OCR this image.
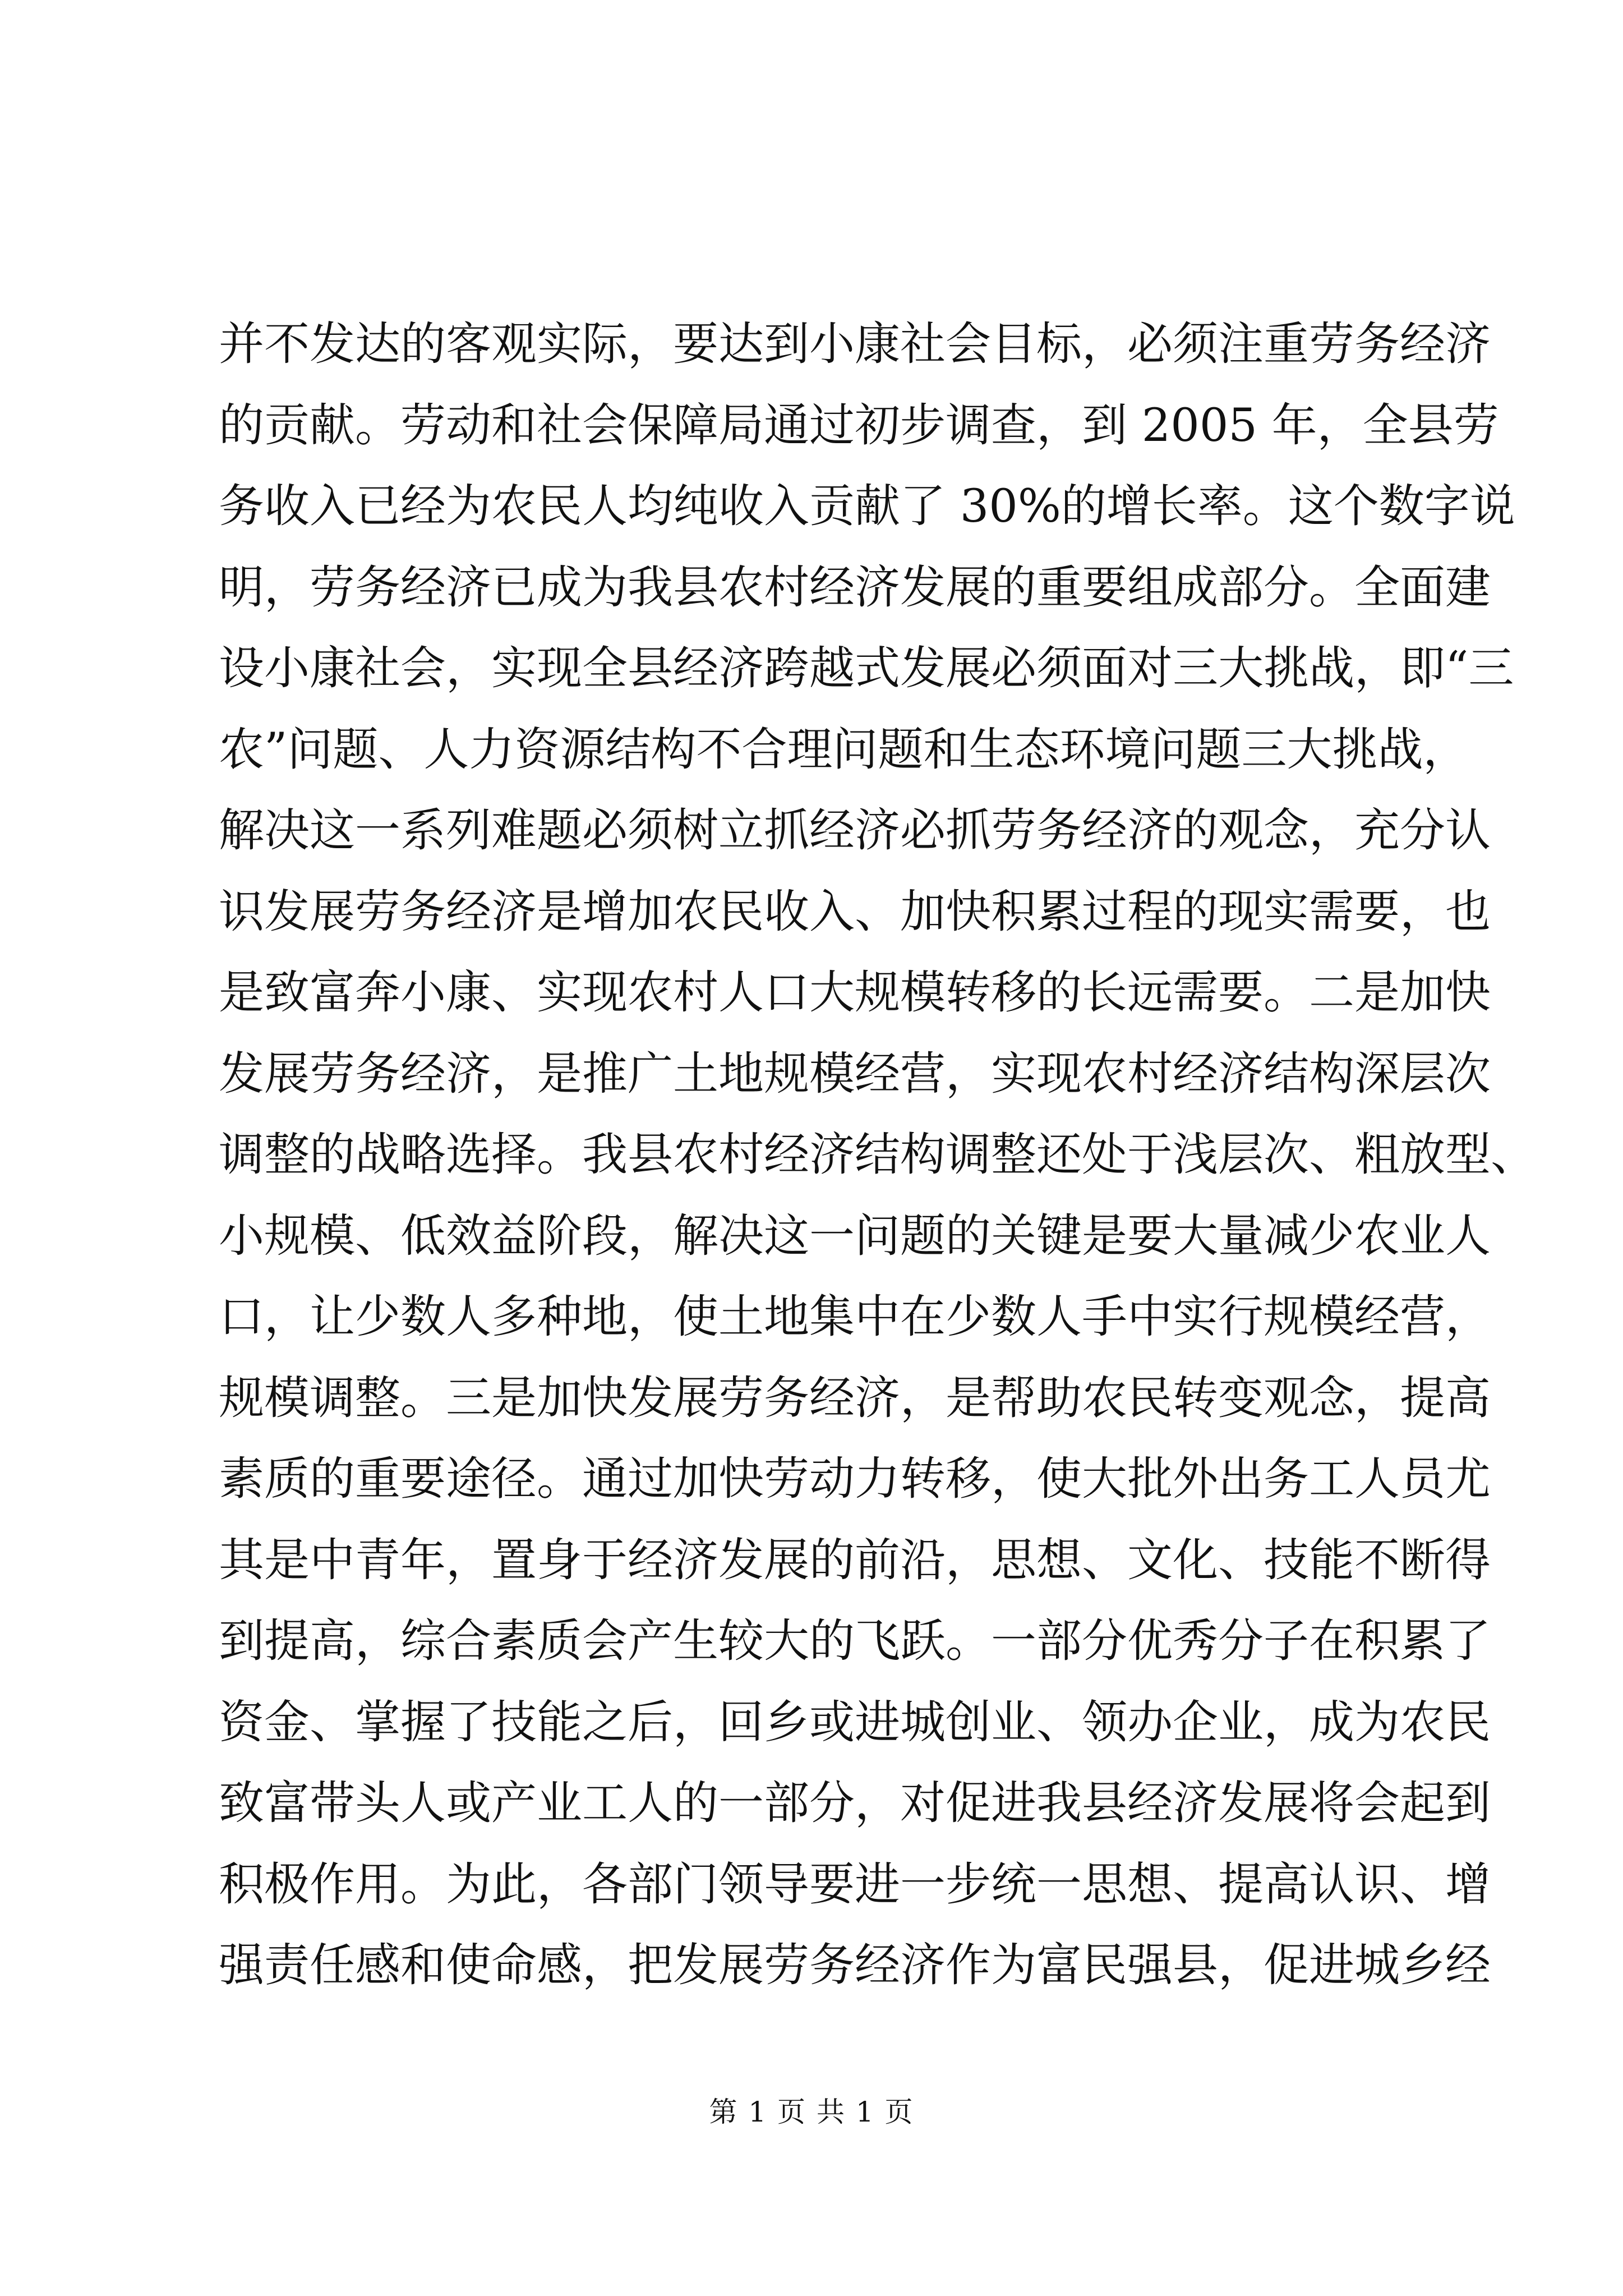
并不发达的客观实际，要达到小康社会目标，必须注重劳务经济
的贡献。劳动和社会保障局通过初步调查，到 2005 年，全县劳
务收入已经为农民人均纯收入贡献了 30%的增长率。这个数字说
明，劳务经济已成为我县农村经济发展的重要组成部分。全面建
设小康社会，实现全县经济跨越式发展必须面对三大挑战，即“三
农”问题、人力资源结构不合理问题和生态环境问题三大挑战，
解决这一系列难题必须树立抓经济必抓劳务经济的观念，充分认
识发展劳务经济是增加农民收入、加快积累过程的现实需要，也
是致富奔小康、实现农村人口大规模转移的长远需要。二是加快
发展劳务经济，是推广土地规模经营，实现农村经济结构深层次
调整的战略选择。我县农村经济结构调整还处于浅层次、粗放型、
小规模、低效益阶段，解决这一问题的关键是要大量减少农业人
口，让少数人多种地，使土地集中在少数人手中实行规模经营，
规模调整。三是加快发展劳务经济，是帮助农民转变观念，提高
素质的重要途径。通过加快劳动力转移，使大批外出务工人员尤
其是中青年，置身于经济发展的前沿，思想、文化、技能不断得
到提高，综合素质会产生较大的飞跃。一部分优秀分子在积累了
资金、掌握了技能之后，回乡或进城创业、领办企业，成为农民
致富带头人或产业工人的一部分，对促进我县经济发展将会起到
积极作用。为此，各部门领导要进一步统一思想、提高认识、增
强责任感和使命感，把发展劳务经济作为富民强县，促进城乡经
第 1 页 共 1 页
